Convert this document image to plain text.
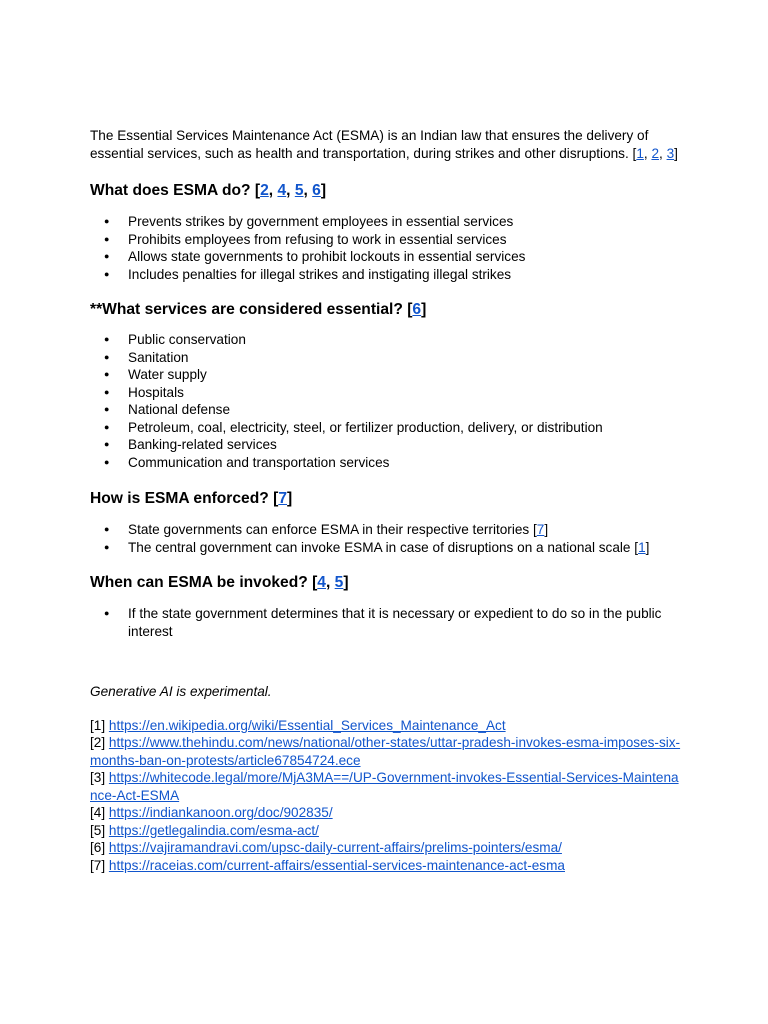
The Essential Services Maintenance Act (ESMA) is an Indian law that ensures the delivery of essential services, such as health and transportation, during strikes and other disruptions. [1, 2, 3]

What does ESMA do? [2, 4, 5, 6]
● Prevents strikes by government employees in essential services
● Prohibits employees from refusing to work in essential services
● Allows state governments to prohibit lockouts in essential services
● Includes penalties for illegal strikes and instigating illegal strikes
**What services are considered essential? [6]
● Public conservation
● Sanitation
● Water supply
● Hospitals
● National defense
● Petroleum, coal, electricity, steel, or fertilizer production, delivery, or distribution
● Banking-related services
● Communication and transportation services
How is ESMA enforced? [7]
● State governments can enforce ESMA in their respective territories [7]
● The central government can invoke ESMA in case of disruptions on a national scale [1]
When can ESMA be invoked? [4, 5]
● If the state government determines that it is necessary or expedient to do so in the public interest

Generative AI is experimental.

[1] https://en.wikipedia.org/wiki/Essential_Services_Maintenance_Act

[2] https://www.thehindu.com/news/national/other-states/uttar-pradesh-invokes-esma-imposes-six-months-ban-on-protests/article67854724.ece

[3] https://whitecode.legal/more/MjA3MA==/UP-Government-invokes-Essential-Services-Maintenance-Act-ESMA

[4] https://indiankanoon.org/doc/902835/

[5] https://getlegalindia.com/esma-act/

[6] https://vajiramandravi.com/upsc-daily-current-affairs/prelims-pointers/esma/

[7] https://raceias.com/current-affairs/essential-services-maintenance-act-esma
